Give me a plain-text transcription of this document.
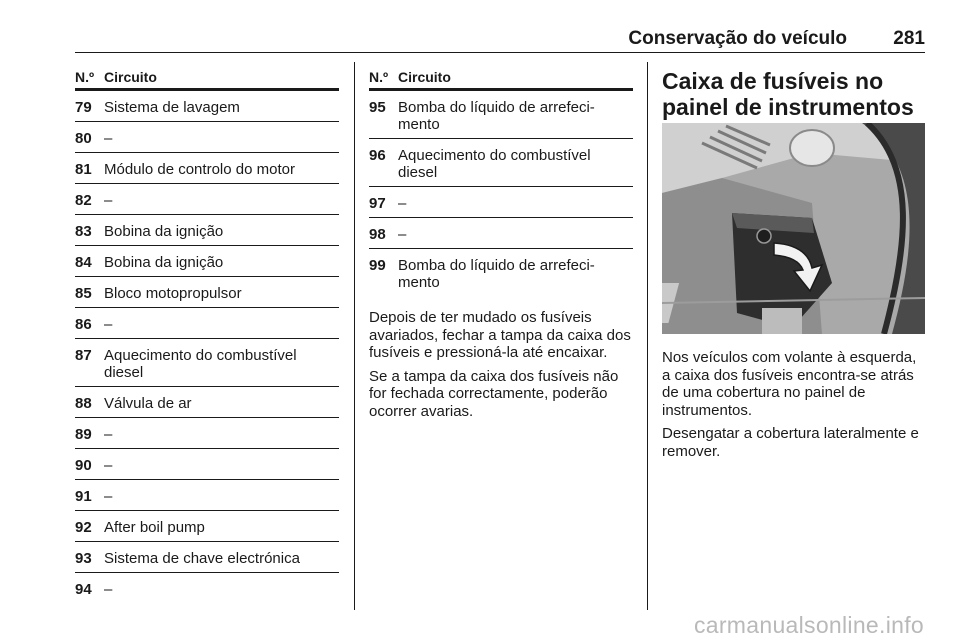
Conservação do veículo 281
N.º Circuito
79 Sistema de lavagem
80 –
81 Módulo de controlo do motor
82 –
83 Bobina da ignição
84 Bobina da ignição
85 Bloco motopropulsor
86 –
87 Aquecimento do combustível diesel
88 Válvula de ar
89 –
90 –
91 –
92 After boil pump
93 Sistema de chave electrónica
94 –
N.º Circuito
95 Bomba do líquido de arrefeci-mento
96 Aquecimento do combustível diesel
97 –
98 –
99 Bomba do líquido de arrefeci-mento

Depois de ter mudado os fusíveis avariados, fechar a tampa da caixa dos fusíveis e pressioná-la até encaixar.

Se a tampa da caixa dos fusíveis não for fechada correctamente, poderão ocorrer avarias.

Caixa de fusíveis no painel de instrumentos

Nos veículos com volante à esquerda, a caixa dos fusíveis encontra-se atrás de uma cobertura no painel de instrumentos.

Desengatar a cobertura lateralmente e remover.

carmanualsonline.info
